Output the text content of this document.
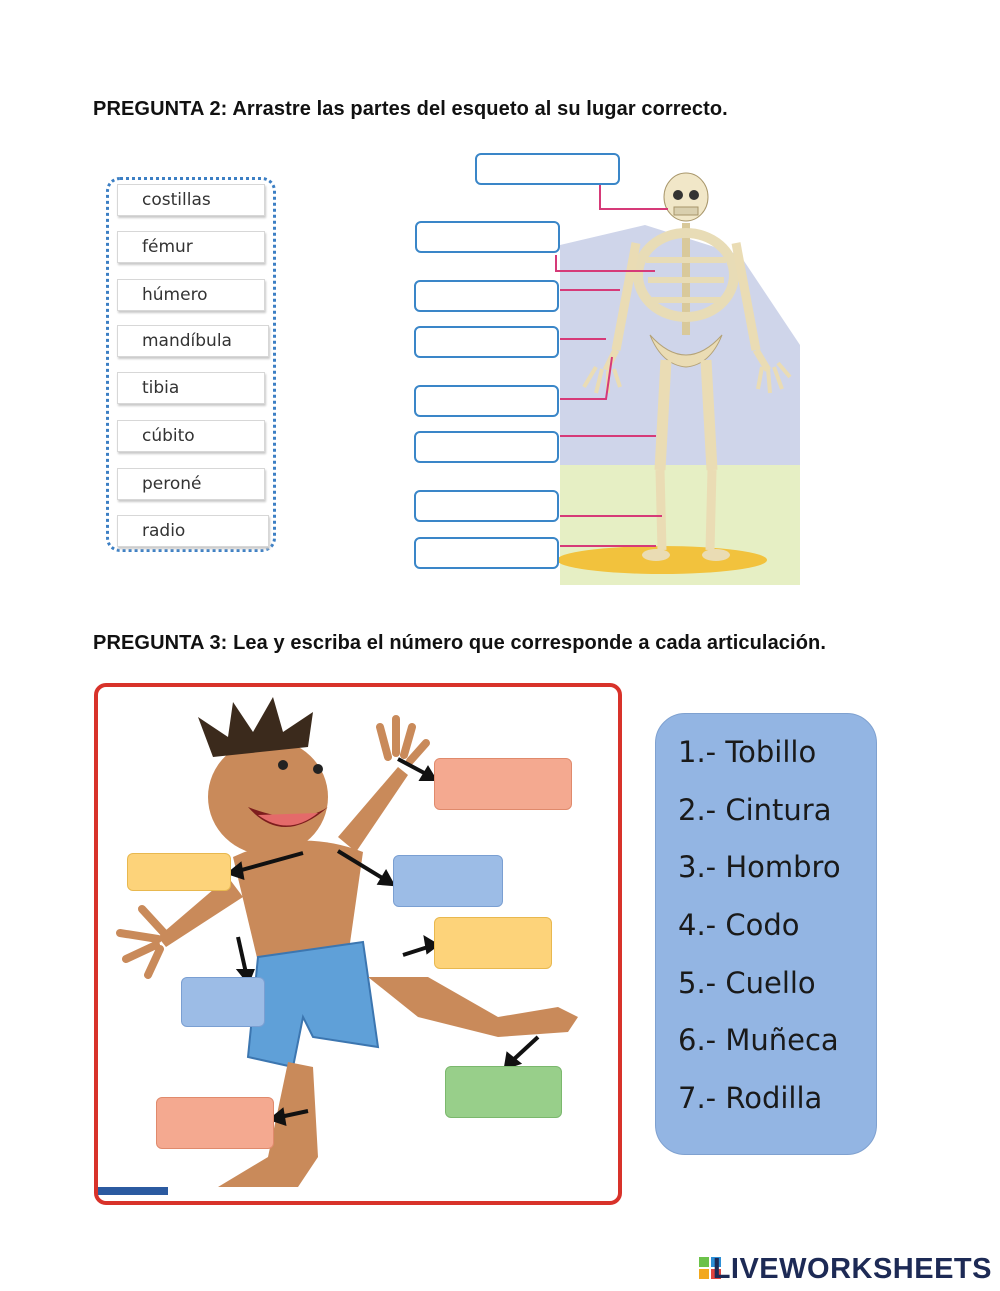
PREGUNTA 2: Arrastre las partes del esqueto al su lugar correcto.
costillas
fémur
húmero
mandíbula
tibia
cúbito
peroné
radio
PREGUNTA 3: Lea y escriba el número que corresponde a cada articulación.
1.- Tobillo
2.- Cintura
3.- Hombro
4.- Codo
5.- Cuello
6.- Muñeca
7.- Rodilla
LIVEWORKSHEETS
